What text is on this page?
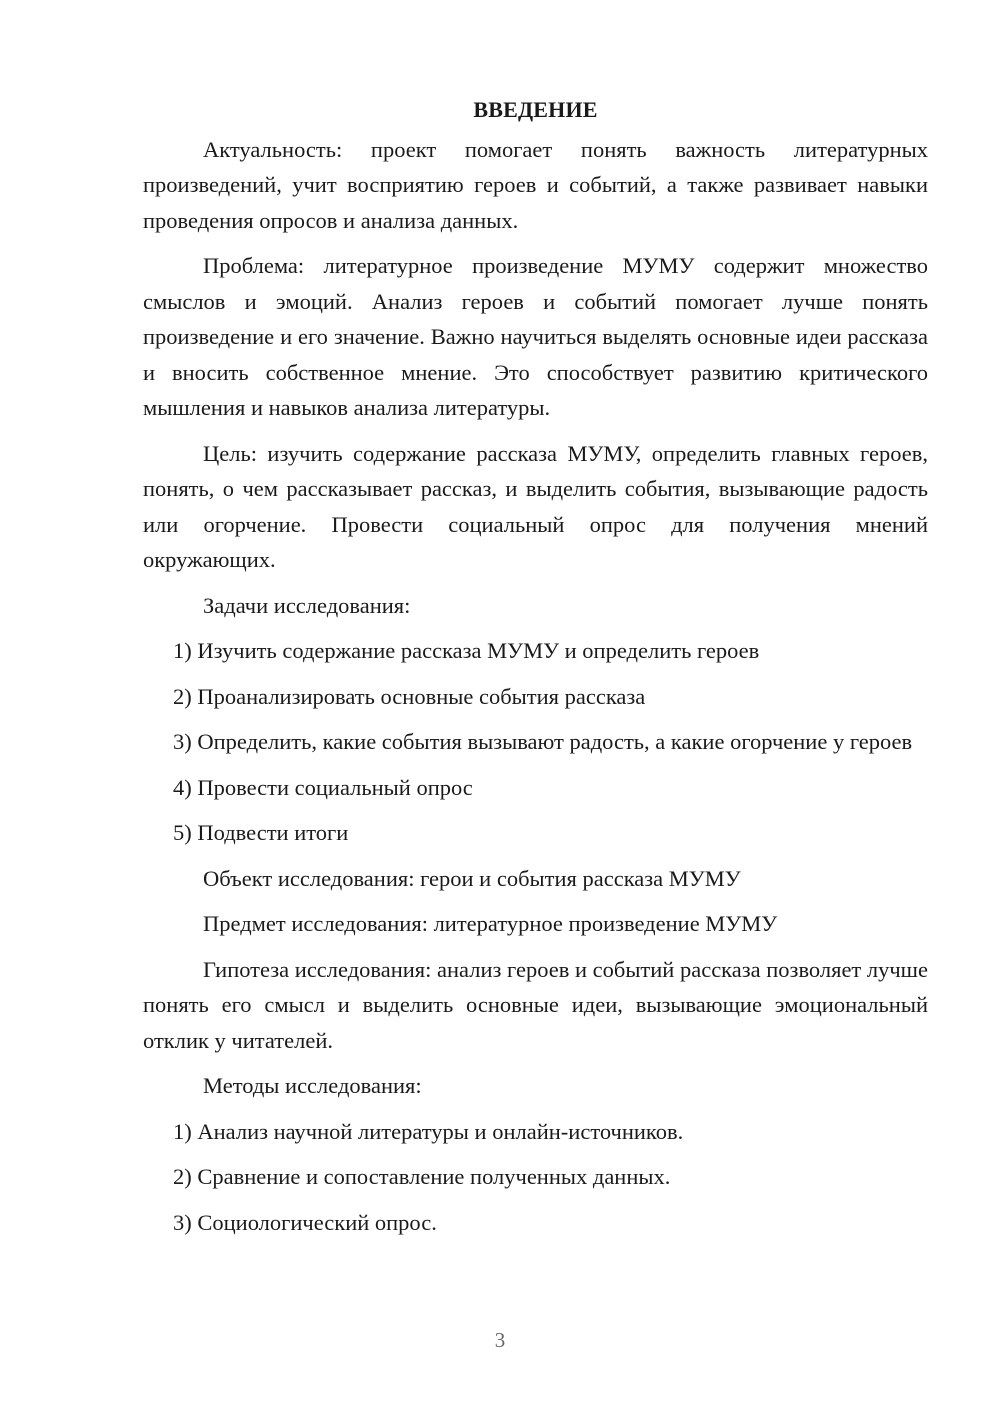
ВВЕДЕНИЕ

Актуальность: проект помогает понять важность литературных произведений, учит восприятию героев и событий, а также развивает навыки проведения опросов и анализа данных.

Проблема: литературное произведение МУМУ содержит множество смыслов и эмоций. Анализ героев и событий помогает лучше понять произведение и его значение. Важно научиться выделять основные идеи рассказа и вносить собственное мнение. Это способствует развитию критического мышления и навыков анализа литературы.

Цель: изучить содержание рассказа МУМУ, определить главных героев, понять, о чем рассказывает рассказ, и выделить события, вызывающие радость или огорчение. Провести социальный опрос для получения мнений окружающих.

Задачи исследования:

1) Изучить содержание рассказа МУМУ и определить героев

2) Проанализировать основные события рассказа

3) Определить, какие события вызывают радость, а какие огорчение у героев

4) Провести социальный опрос

5) Подвести итоги

Объект исследования: герои и события рассказа МУМУ

Предмет исследования: литературное произведение МУМУ

Гипотеза исследования: анализ героев и событий рассказа позволяет лучше понять его смысл и выделить основные идеи, вызывающие эмоциональный отклик у читателей.

Методы исследования:

1) Анализ научной литературы и онлайн-источников.

2) Сравнение и сопоставление полученных данных.

3) Социологический опрос.

3
